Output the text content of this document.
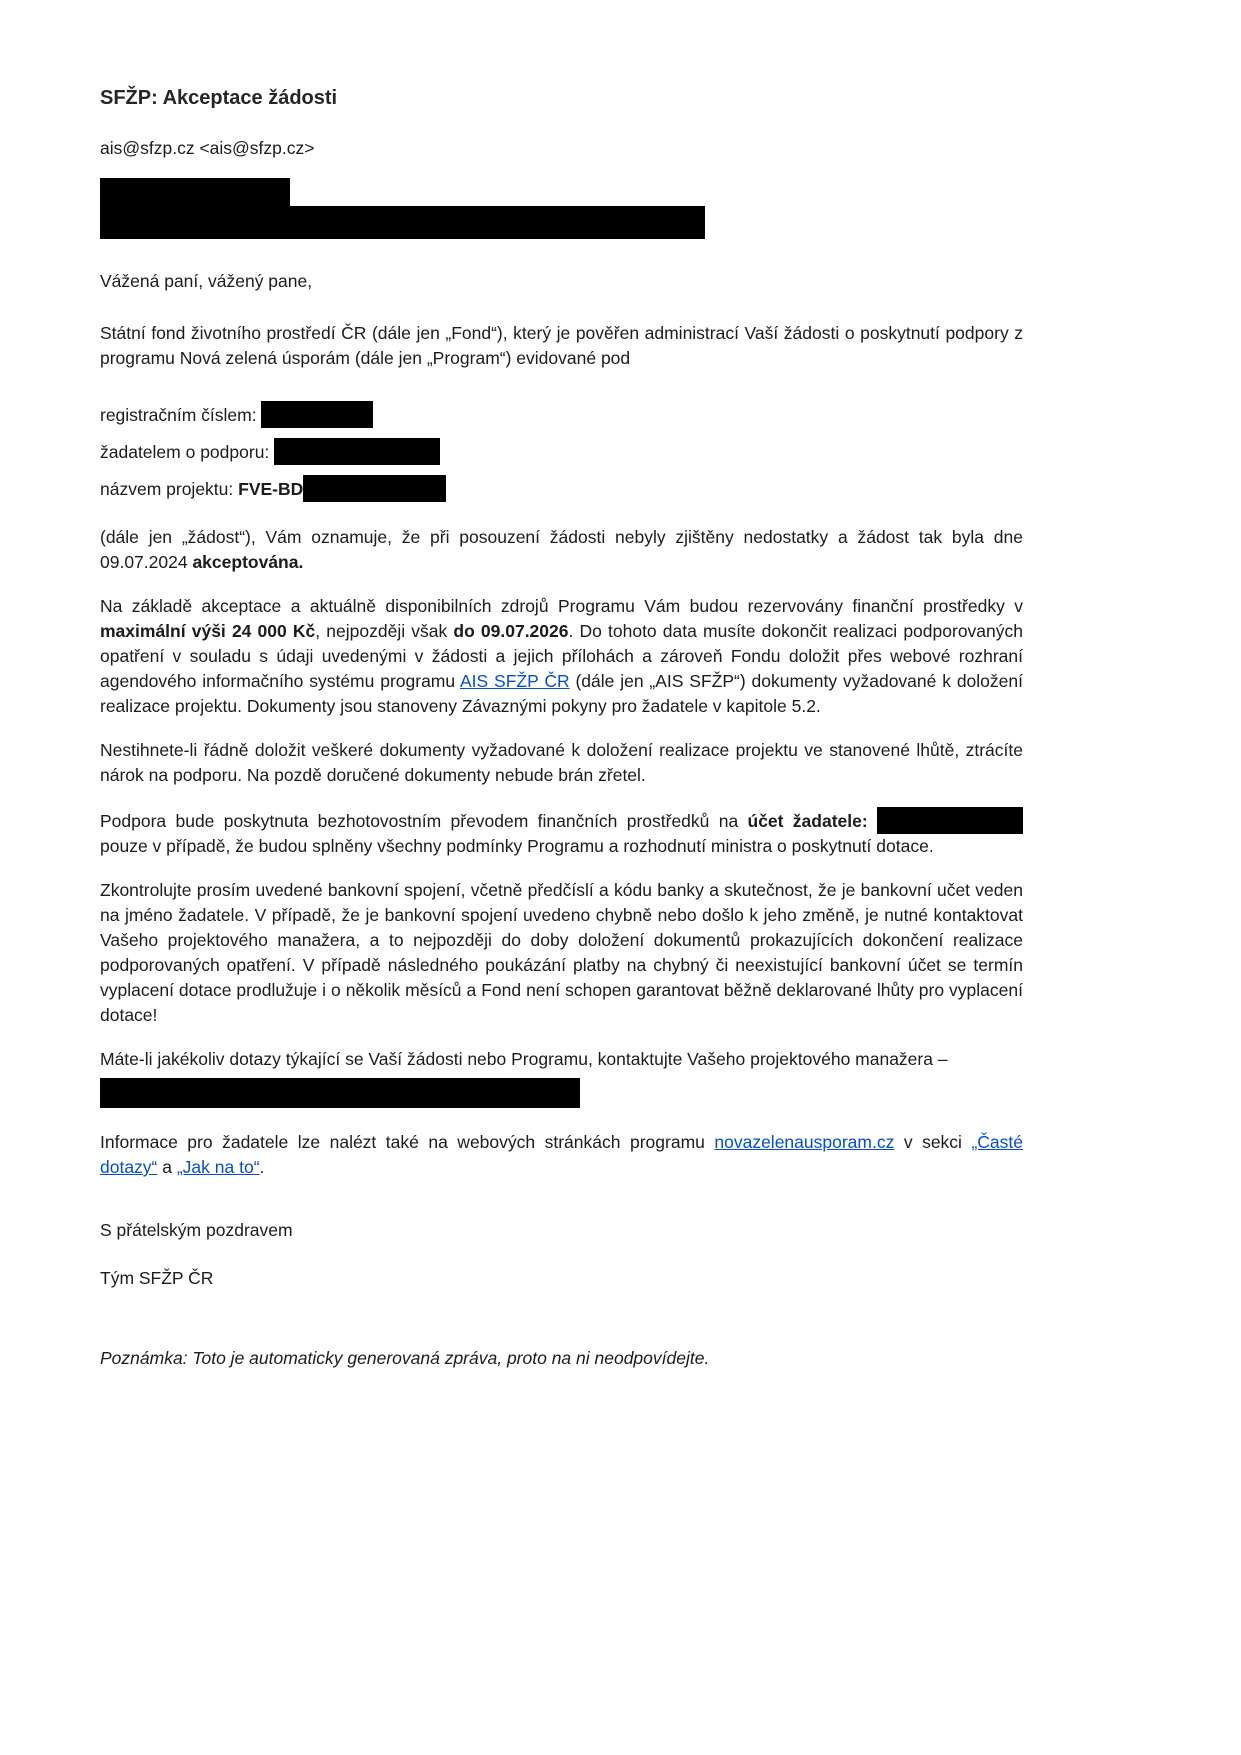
SFŽP: Akceptace žádosti
ais@sfzp.cz <ais@sfzp.cz>

Vážená paní, vážený pane,

Státní fond životního prostředí ČR (dále jen „Fond“), který je pověřen administrací Vaší žádosti o poskytnutí podpory z programu Nová zelená úsporám (dále jen „Program“) evidované pod

registračním číslem:
žadatelem o podporu:
názvem projektu: FVE-BD

(dále jen „žádost“), Vám oznamuje, že při posouzení žádosti nebyly zjištěny nedostatky a žádost tak byla dne 09.07.2024 akceptována.

Na základě akceptace a aktuálně disponibilních zdrojů Programu Vám budou rezervovány finanční prostředky v maximální výši 24 000 Kč, nejpozději však do 09.07.2026. Do tohoto data musíte dokončit realizaci podporovaných opatření v souladu s údaji uvedenými v žádosti a jejich přílohách a zároveň Fondu doložit přes webové rozhraní agendového informačního systému programu AIS SFŽP ČR (dále jen „AIS SFŽP“) dokumenty vyžadované k doložení realizace projektu. Dokumenty jsou stanoveny Závaznými pokyny pro žadatele v kapitole 5.2.

Nestihnete-li řádně doložit veškeré dokumenty vyžadované k doložení realizace projektu ve stanovené lhůtě, ztrácíte nárok na podporu. Na pozdě doručené dokumenty nebude brán zřetel.

Podpora bude poskytnuta bezhotovostním převodem finančních prostředků na účet žadatele:  pouze v případě, že budou splněny všechny podmínky Programu a rozhodnutí ministra o poskytnutí dotace.

Zkontrolujte prosím uvedené bankovní spojení, včetně předčíslí a kódu banky a skutečnost, že je bankovní učet veden na jméno žadatele. V případě, že je bankovní spojení uvedeno chybně nebo došlo k jeho změně, je nutné kontaktovat Vašeho projektového manažera, a to nejpozději do doby doložení dokumentů prokazujících dokončení realizace podporovaných opatření. V případě následného poukázání platby na chybný či neexistující bankovní účet se termín vyplacení dotace prodlužuje i o několik měsíců a Fond není schopen garantovat běžně deklarované lhůty pro vyplacení dotace!

Máte-li jakékoliv dotazy týkající se Vaší žádosti nebo Programu, kontaktujte Vašeho projektového manažera –

Informace pro žadatele lze nalézt také na webových stránkách programu novazelenausporam.cz v sekci „Časté dotazy“ a „Jak na to“.

S přátelským pozdravem

Tým SFŽP ČR

Poznámka: Toto je automaticky generovaná zpráva, proto na ni neodpovídejte.
